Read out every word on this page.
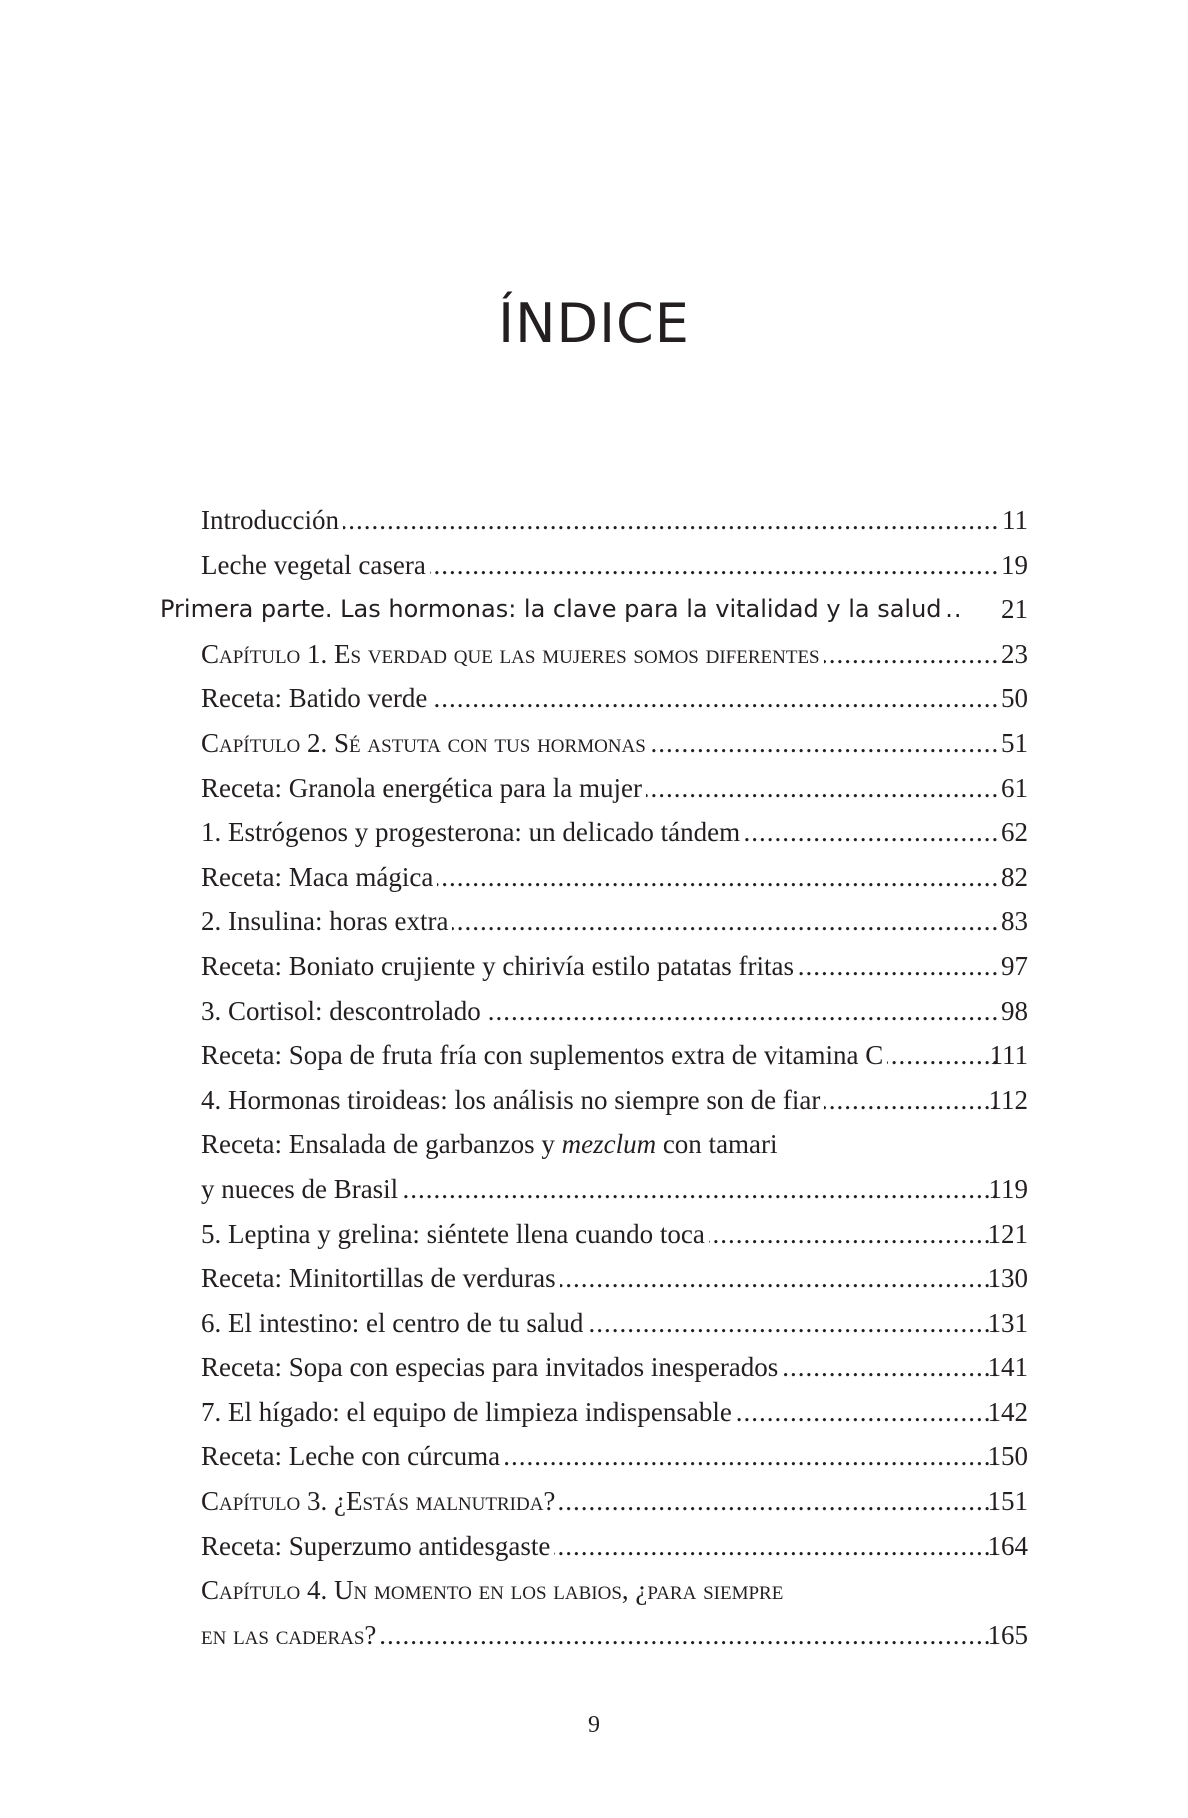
ÍNDICE
Introducción .....	11
Leche vegetal casera .....	19
Primera parte. Las hormonas: la clave para la vitalidad y la salud .....	21
Capítulo 1. Es verdad que las mujeres somos diferentes .....	23
Receta: Batido verde .....	50
Capítulo 2. Sé astuta con tus hormonas .....	51
Receta: Granola energética para la mujer .....	61
1. Estrógenos y progesterona: un delicado tándem .....	62
Receta: Maca mágica .....	82
2. Insulina: horas extra .....	83
Receta: Boniato crujiente y chirivía estilo patatas fritas .....	97
3. Cortisol: descontrolado .....	98
Receta: Sopa de fruta fría con suplementos extra de vitamina C .....	111
4. Hormonas tiroideas: los análisis no siempre son de fiar .....	112
Receta: Ensalada de garbanzos y mezclum con tamari
y nueces de Brasil .....	119
5. Leptina y grelina: siéntete llena cuando toca .....	121
Receta: Minitortillas de verduras .....	130
6. El intestino: el centro de tu salud .....	131
Receta: Sopa con especias para invitados inesperados .....	141
7. El hígado: el equipo de limpieza indispensable .....	142
Receta: Leche con cúrcuma .....	150
Capítulo 3. ¿Estás malnutrida? .....	151
Receta: Superzumo antidesgaste .....	164
Capítulo 4. Un momento en los labios, ¿para siempre
en las caderas? .....	165
9
